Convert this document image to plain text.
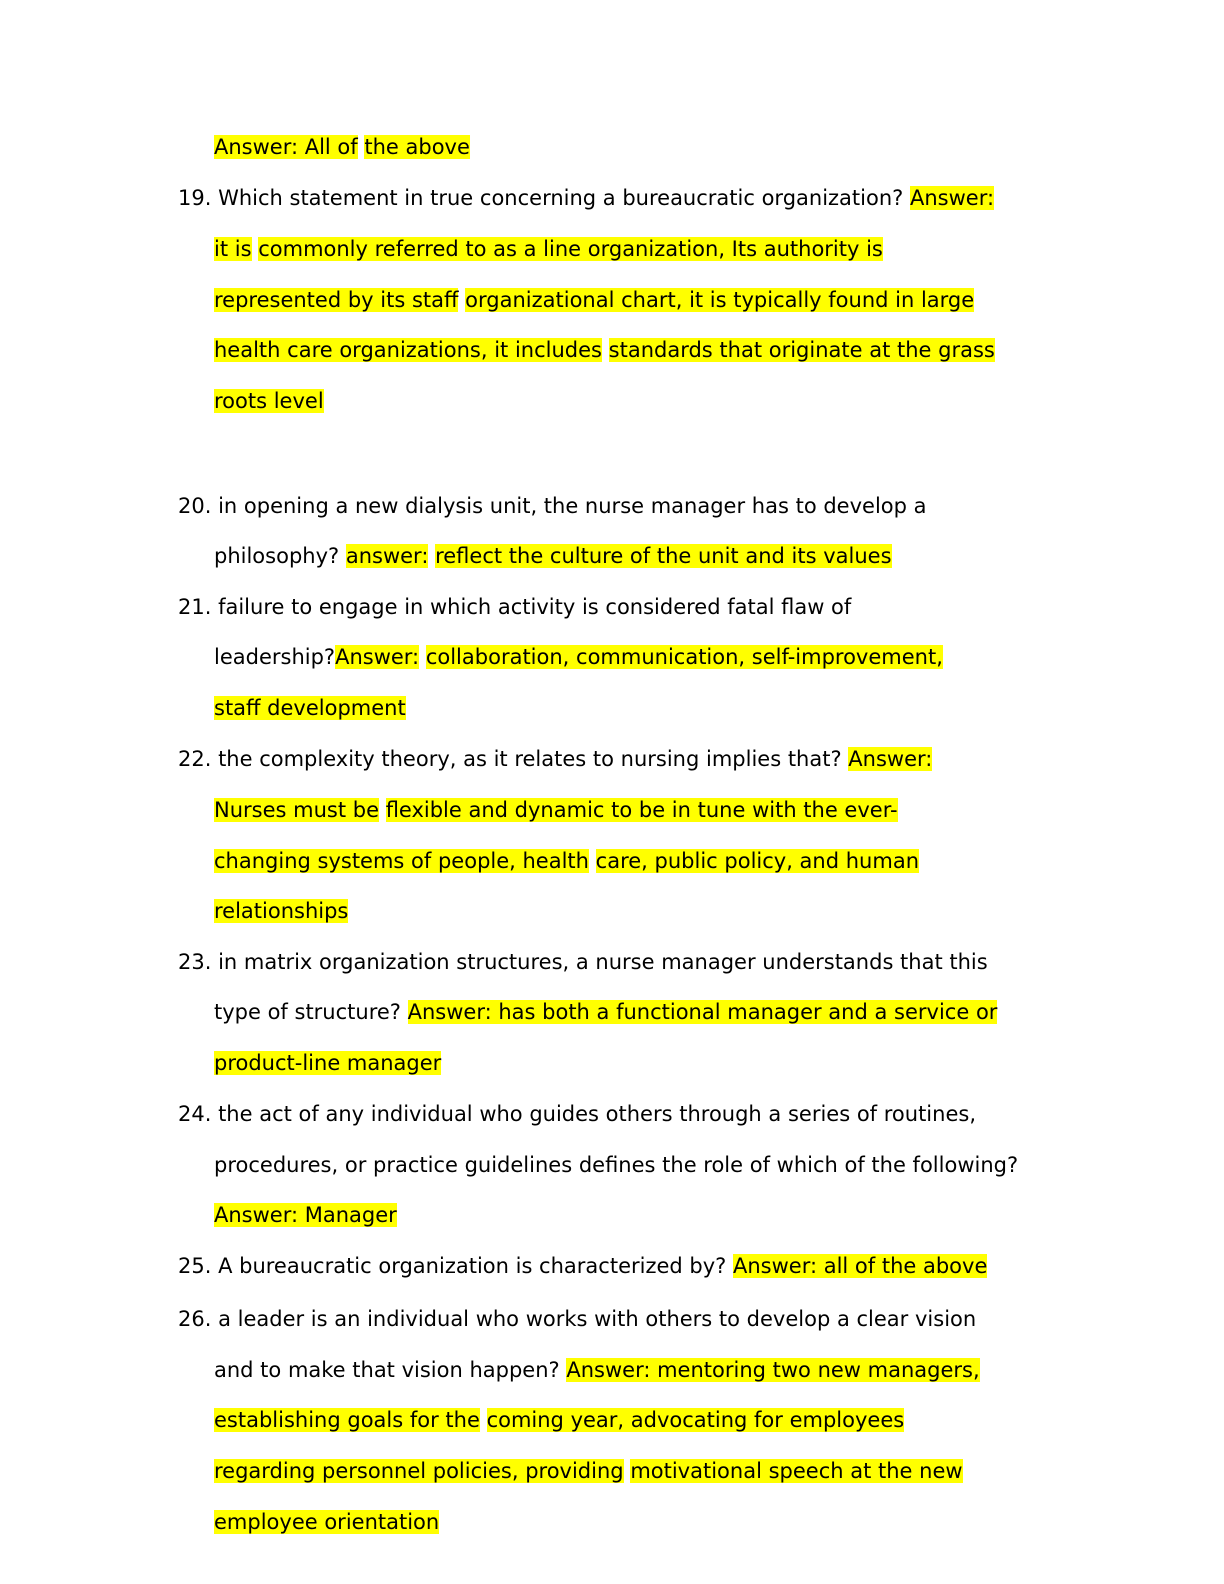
Answer: All of the above
19. Which statement in true concerning a bureaucratic organization? Answer:
it is commonly referred to as a line organization, Its authority is
represented by its staff organizational chart, it is typically found in large
health care organizations, it includes standards that originate at the grass
roots level
20. in opening a new dialysis unit, the nurse manager has to develop a
philosophy? answer: reflect the culture of the unit and its values
21. failure to engage in which activity is considered fatal flaw of
leadership?Answer: collaboration, communication, self-improvement,
staff development
22. the complexity theory, as it relates to nursing implies that? Answer:
Nurses must be flexible and dynamic to be in tune with the ever-
changing systems of people, health care, public policy, and human
relationships
23. in matrix organization structures, a nurse manager understands that this
type of structure? Answer: has both a functional manager and a service or
product-line manager
24. the act of any individual who guides others through a series of routines,
procedures, or practice guidelines defines the role of which of the following?
Answer: Manager
25. A bureaucratic organization is characterized by? Answer: all of the above
26. a leader is an individual who works with others to develop a clear vision
and to make that vision happen? Answer: mentoring two new managers,
establishing goals for the coming year, advocating for employees
regarding personnel policies, providing motivational speech at the new
employee orientation
